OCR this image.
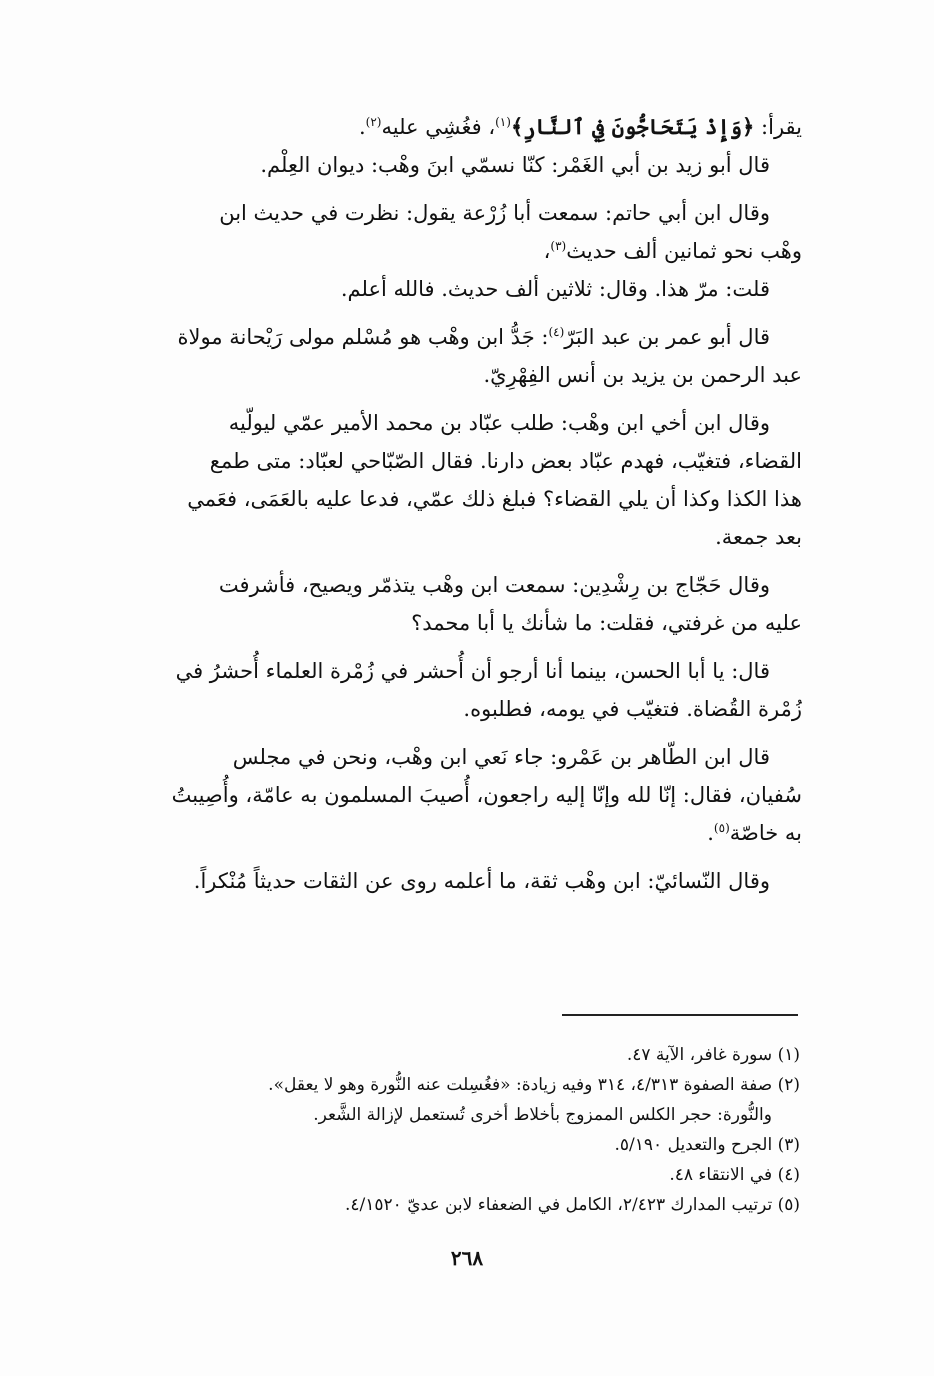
يقرأ: ﴿وَإِذْ يَتَحَاجُّونَ فِي ٱلنَّارِ﴾$^{(١)}$، فغُشِي عليه$^{(٢)}$.
قال أبو زيد بن أبي الغَمْر: كنّا نسمّي ابنَ وهْب: ديوان العِلْم.

وقال ابن أبي حاتم: سمعت أبا زُرْعة يقول: نظرت في حديث ابن
وهْب نحو ثمانين ألف حديث$^{(٣)}$،
قلت: مرّ هذا. وقال: ثلاثين ألف حديث. فالله أعلم.

قال أبو عمر بن عبد البَرّ$^{(٤)}$: جَدُّ ابن وهْب هو مُسْلم مولى رَيْحانة مولاة
عبد الرحمن بن يزيد بن أنس الفِهْرِيّ.

وقال ابن أخي ابن وهْب: طلب عبّاد بن محمد الأمير عمّي ليولّيه
القضاء، فتغيّب، فهدم عبّاد بعض دارنا. فقال الصّبّاحي لعبّاد: متى طمع
هذا الكذا وكذا أن يلي القضاء؟ فبلغ ذلك عمّي، فدعا عليه بالعَمَى، فعَمي
بعد جمعة.

وقال حَجّاج بن رِشْدِين: سمعت ابن وهْب يتذمّر ويصيح، فأشرفت
عليه من غرفتي، فقلت: ما شأنك يا أبا محمد؟

قال: يا أبا الحسن، بينما أنا أرجو أن أُحشر في زُمْرة العلماء أُحشرُ في
زُمْرة القُضاة. فتغيّب في يومه، فطلبوه.

قال ابن الطّاهر بن عَمْرو: جاء نَعي ابن وهْب، ونحن في مجلس
سُفيان، فقال: إنّا لله وإنّا إليه راجعون، أُصيبَ المسلمون به عامّة، وأُصِيبتُ
به خاصّة$^{(٥)}$.

وقال النّسائيّ: ابن وهْب ثقة، ما أعلمه روى عن الثقات حديثاً مُنْكراً.

(١) سورة غافر، الآية ٤٧.
(٢) صفة الصفوة ٤/٣١٣، ٣١٤ وفيه زيادة: «فغُسِلت عنه النُّورة وهو لا يعقل».
والنُّورة: حجر الكلس الممزوج بأخلاط أخرى تُستعمل لإزالة الشَّعر.
(٣) الجرح والتعديل ٥/١٩٠.
(٤) في الانتقاء ٤٨.
(٥) ترتيب المدارك ٢/٤٢٣، الكامل في الضعفاء لابن عديّ ٤/١٥٢٠.
٢٦٨
